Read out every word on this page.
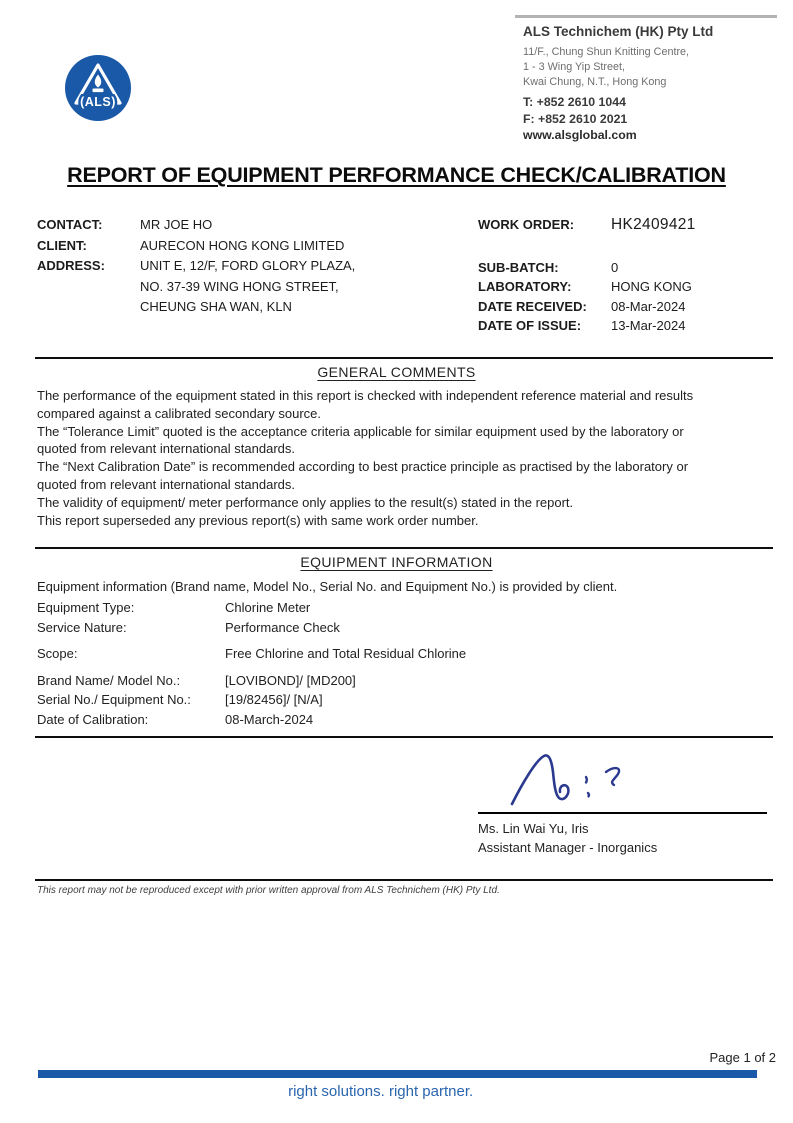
(ALS)
ALS Technichem (HK) Pty Ltd
11/F., Chung Shun Knitting Centre,
1 - 3 Wing Yip Street,
Kwai Chung, N.T., Hong Kong
T: +852 2610 1044
F: +852 2610 2021
www.alsglobal.com
REPORT OF EQUIPMENT PERFORMANCE CHECK/CALIBRATION
CONTACT:	MR JOE HO
CLIENT:	AURECON HONG KONG LIMITED
ADDRESS:	UNIT E, 12/F, FORD GLORY PLAZA,
NO. 37-39 WING HONG STREET,
CHEUNG SHA WAN, KLN
WORK ORDER:	HK2409421
SUB-BATCH:	0
LABORATORY:	HONG KONG
DATE RECEIVED:	08-Mar-2024
DATE OF ISSUE:	13-Mar-2024
GENERAL COMMENTS
The performance of the equipment stated in this report is checked with independent reference material and results compared against a calibrated secondary source.
The “Tolerance Limit” quoted is the acceptance criteria applicable for similar equipment used by the laboratory or quoted from relevant international standards.
The “Next Calibration Date” is recommended according to best practice principle as practised by the laboratory or quoted from relevant international standards.
The validity of equipment/ meter performance only applies to the result(s) stated in the report.
This report superseded any previous report(s) with same work order number.
EQUIPMENT INFORMATION
Equipment information (Brand name, Model No., Serial No. and Equipment No.) is provided by client.
Equipment Type:	Chlorine Meter
Service Nature:	Performance Check
Scope:	Free Chlorine and Total Residual Chlorine
Brand Name/ Model No.:	[LOVIBOND]/ [MD200]
Serial No./ Equipment No.:	[19/82456]/ [N/A]
Date of Calibration:	08-March-2024
Ms. Lin Wai Yu, Iris
Assistant Manager - Inorganics
This report may not be reproduced except with prior written approval from ALS Technichem (HK) Pty Ltd.
Page 1 of 2
right solutions. right partner.
